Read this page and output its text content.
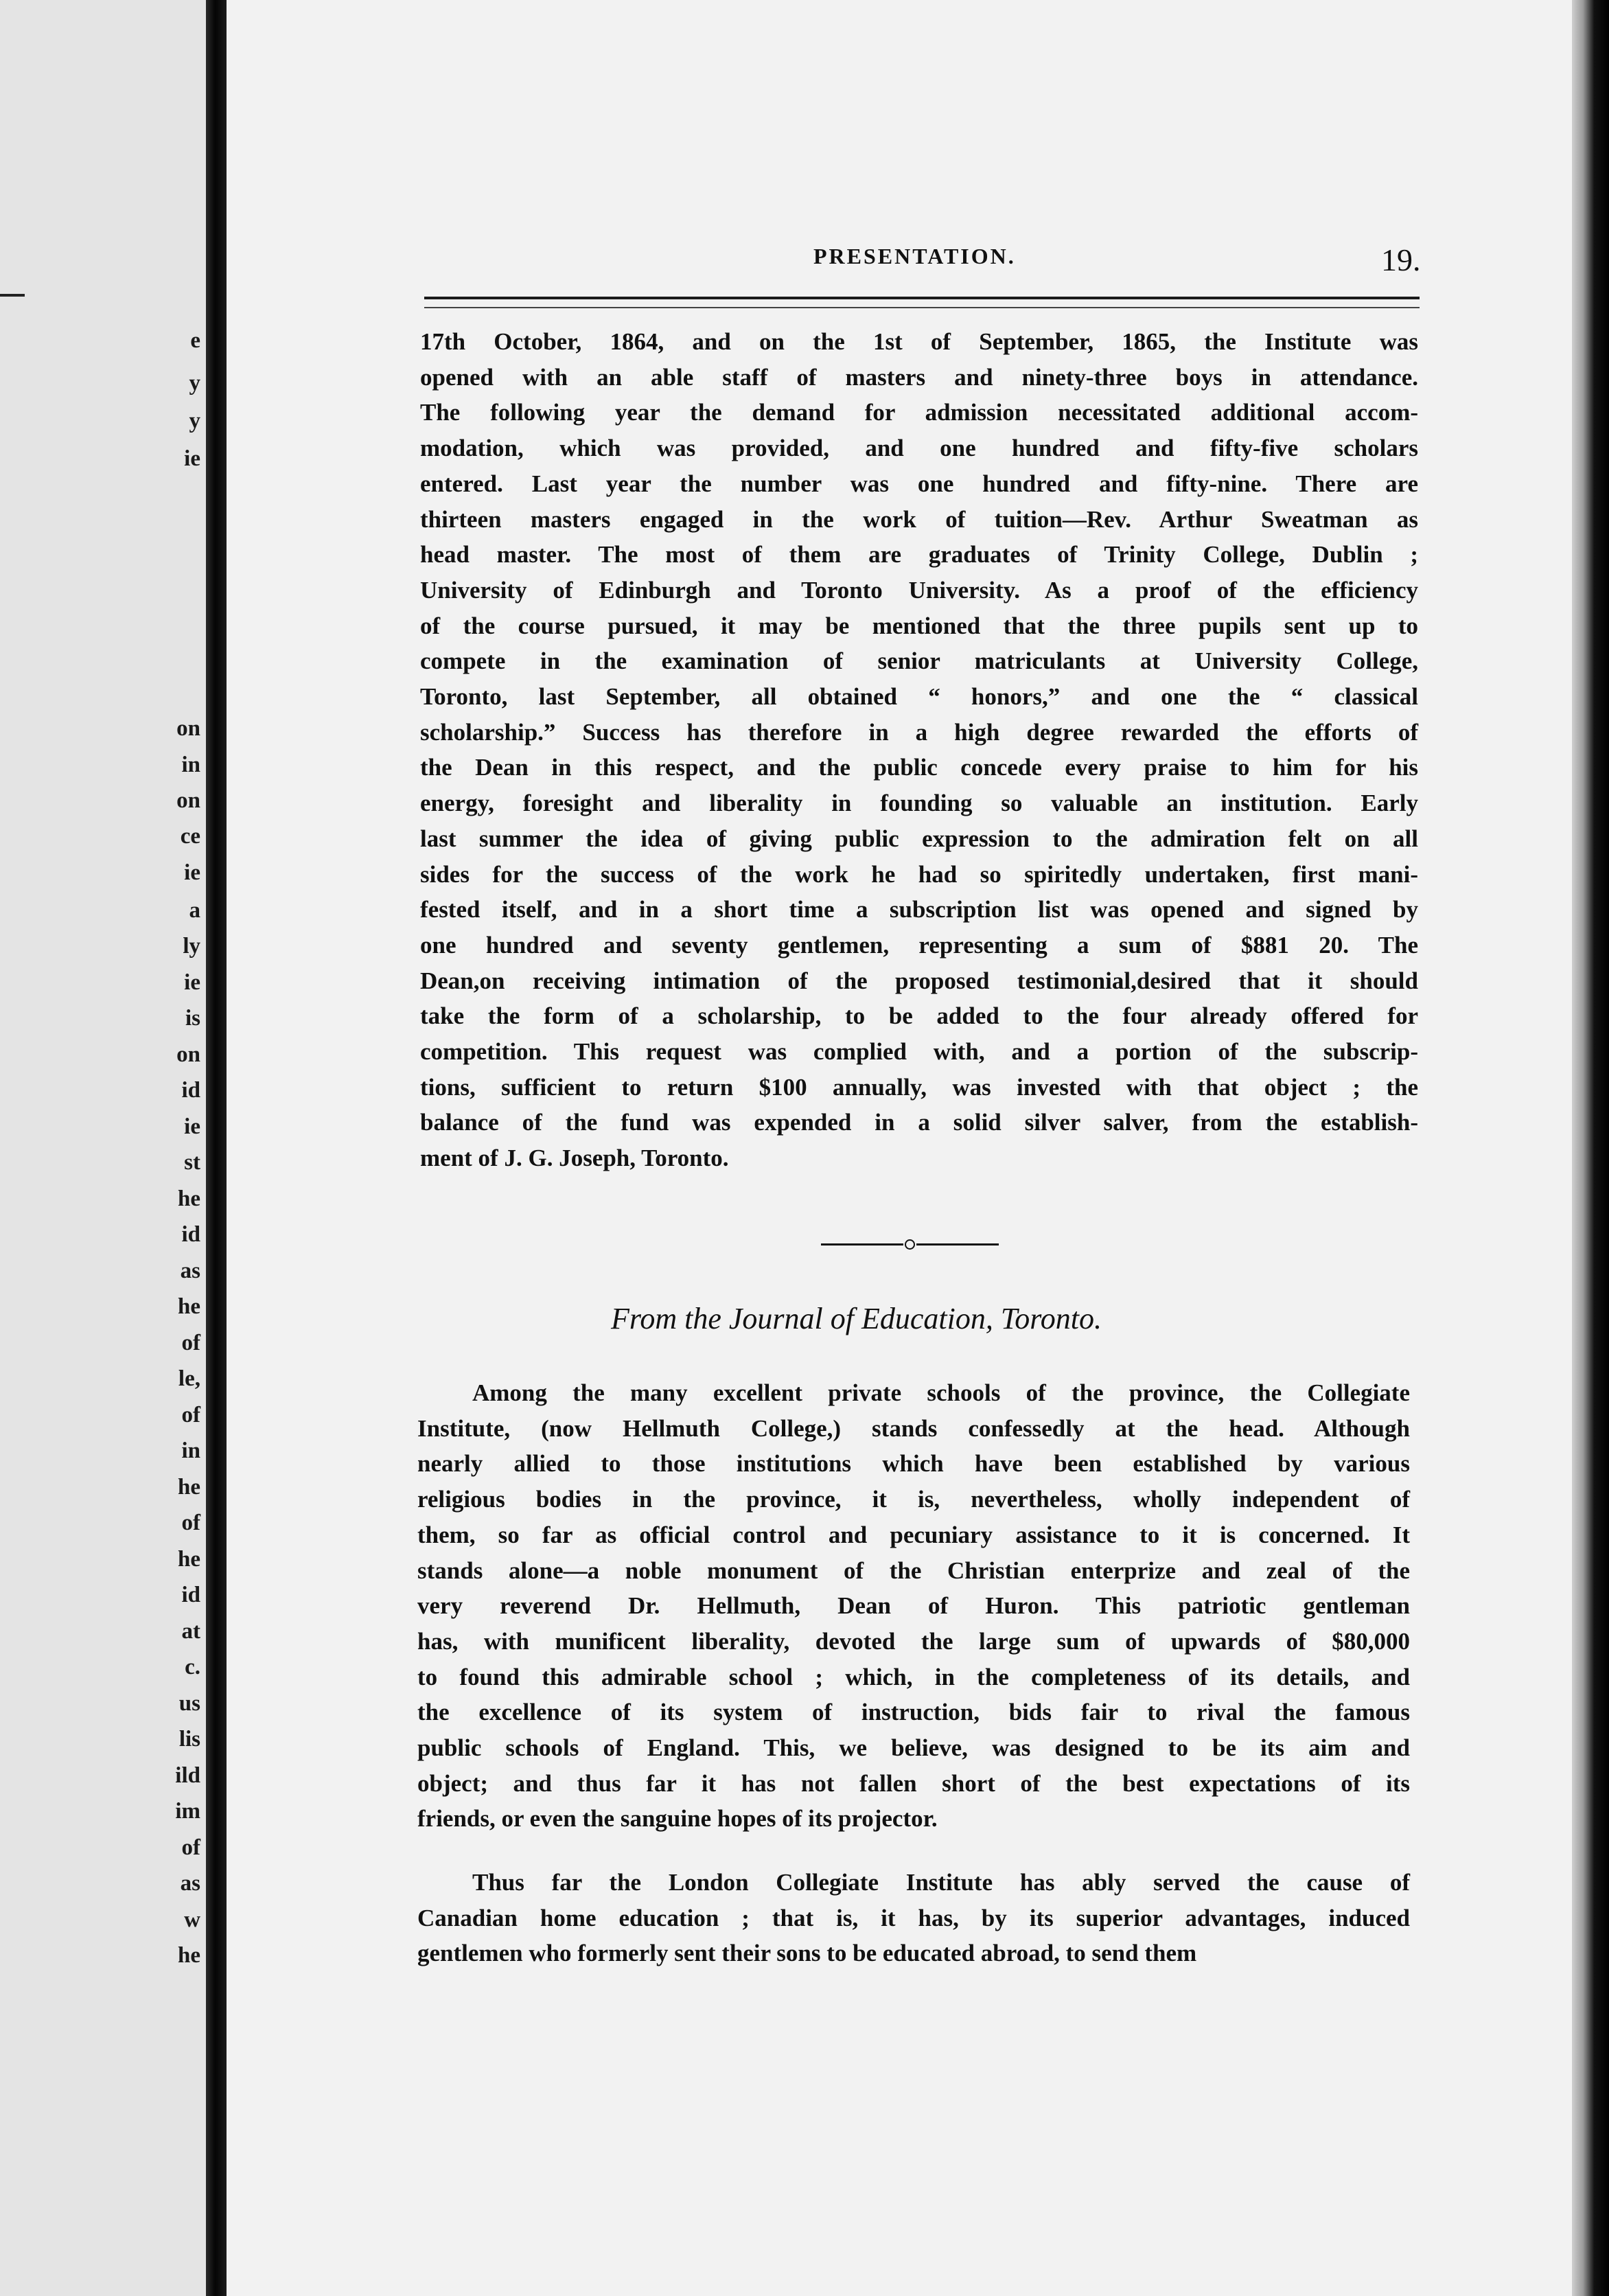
e
y
y
ie
on
in
on
ce
ie
a
ly
ie
is
on
id
ie
st
he
id
as
he
of
le,
of
in
he
of
he
id
at
c.
us
lis
ild
im
of
as
w
he
PRESENTATION.	19.
17th October, 1864, and on the 1st of September, 1865, the Institute was
opened with an able staff of masters and ninety-three boys in attendance.
The following year the demand for admission necessitated additional accom-
modation, which was provided, and one hundred and fifty-five scholars
entered. Last year the number was one hundred and fifty-nine. There are
thirteen masters engaged in the work of tuition—Rev. Arthur Sweatman as
head master. The most of them are graduates of Trinity College, Dublin ;
University of Edinburgh and Toronto University. As a proof of the efficiency
of the course pursued, it may be mentioned that the three pupils sent up to
compete in the examination of senior matriculants at University College,
Toronto, last September, all obtained “ honors,” and one the “ classical
scholarship.” Success has therefore in a high degree rewarded the efforts of
the Dean in this respect, and the public concede every praise to him for his
energy, foresight and liberality in founding so valuable an institution. Early
last summer the idea of giving public expression to the admiration felt on all
sides for the success of the work he had so spiritedly undertaken, first mani-
fested itself, and in a short time a subscription list was opened and signed by
one hundred and seventy gentlemen, representing a sum of $881 20. The
Dean,on receiving intimation of the proposed testimonial,desired that it should
take the form of a scholarship, to be added to the four already offered for
competition. This request was complied with, and a portion of the subscrip-
tions, sufficient to return $100 annually, was invested with that object ; the
balance of the fund was expended in a solid silver salver, from the establish-
ment of J. G. Joseph, Toronto.
From the Journal of Education, Toronto.
Among the many excellent private schools of the province, the Collegiate
Institute, (now Hellmuth College,) stands confessedly at the head. Although
nearly allied to those institutions which have been established by various
religious bodies in the province, it is, nevertheless, wholly independent of
them, so far as official control and pecuniary assistance to it is concerned. It
stands alone—a noble monument of the Christian enterprize and zeal of the
very reverend Dr. Hellmuth, Dean of Huron. This patriotic gentleman
has, with munificent liberality, devoted the large sum of upwards of $80,000
to found this admirable school ; which, in the completeness of its details, and
the excellence of its system of instruction, bids fair to rival the famous
public schools of England. This, we believe, was designed to be its aim and
object; and thus far it has not fallen short of the best expectations of its
friends, or even the sanguine hopes of its projector.
Thus far the London Collegiate Institute has ably served the cause of
Canadian home education ; that is, it has, by its superior advantages, induced
gentlemen who formerly sent their sons to be educated abroad, to send them
